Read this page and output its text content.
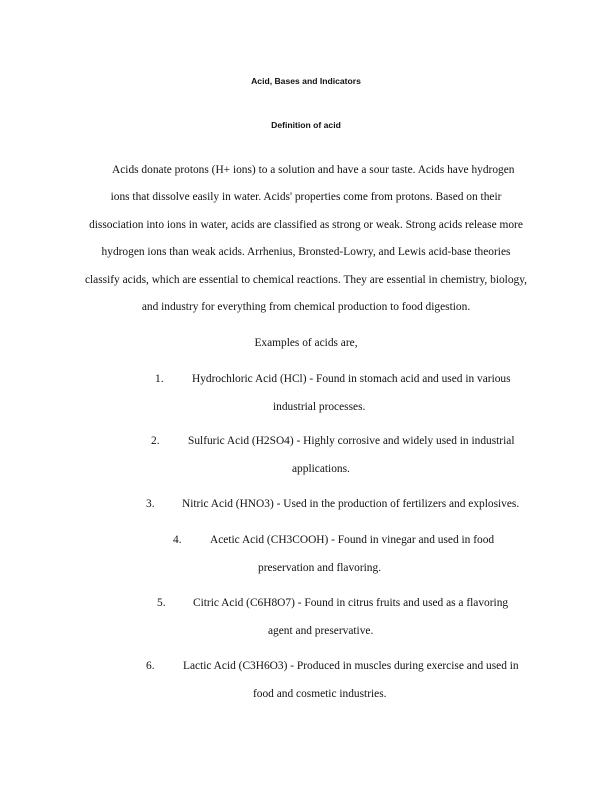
Acid, Bases and Indicators
Definition of acid
Acids donate protons (H+ ions) to a solution and have a sour taste. Acids have hydrogen
ions that dissolve easily in water. Acids' properties come from protons. Based on their
dissociation into ions in water, acids are classified as strong or weak. Strong acids release more
hydrogen ions than weak acids. Arrhenius, Bronsted-Lowry, and Lewis acid-base theories
classify acids, which are essential to chemical reactions. They are essential in chemistry, biology,
and industry for everything from chemical production to food digestion.
Examples of acids are,
1. Hydrochloric Acid (HCl) - Found in stomach acid and used in various
industrial processes.
2. Sulfuric Acid (H2SO4) - Highly corrosive and widely used in industrial
applications.
3. Nitric Acid (HNO3) - Used in the production of fertilizers and explosives.
4. Acetic Acid (CH3COOH) - Found in vinegar and used in food
preservation and flavoring.
5. Citric Acid (C6H8O7) - Found in citrus fruits and used as a flavoring
agent and preservative.
6. Lactic Acid (C3H6O3) - Produced in muscles during exercise and used in
food and cosmetic industries.
